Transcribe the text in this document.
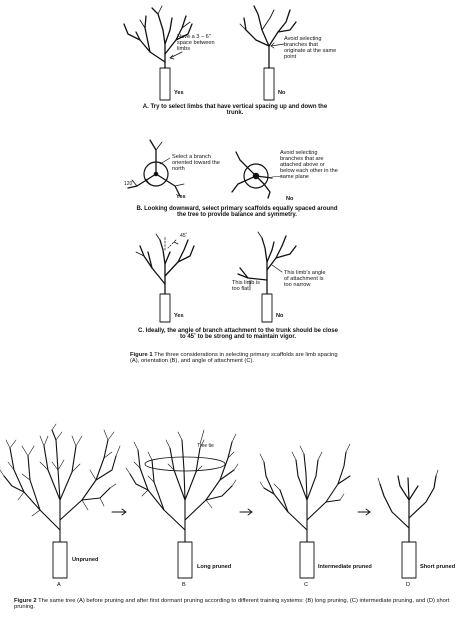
Have a 3 – 6" space between limbs
Yes
Avoid selecting branches that originate at the same point
No
A. Try to select limbs that have vertical spacing up and down the trunk.
Select a branch oriented toward the north
120˚
Yes
Avoid selecting branches that are attached above or below each other in the same plane
No
B. Looking downward, select primary scaffolds equally spaced around the tree to provide balance and symmetry.
45˚
This limb is too flat
This limb's angle of attachment is too narrow
Yes	No
C. Ideally, the angle of branch attachment to the trunk should be close to 45˚ to be strong and to maintain vigor.
Figure 1 The three considerations in selecting primary scaffolds are limb spacing (A), orientation (B), and angle of attachment (C).
Tree tie
Unpruned
A
Long pruned
B
Intermediate pruned
C
Short pruned
D
Figure 2 The same tree (A) before pruning and after first dormant pruning according to different training systems: (B) long pruning, (C) intermediate pruning, and (D) short pruning.
